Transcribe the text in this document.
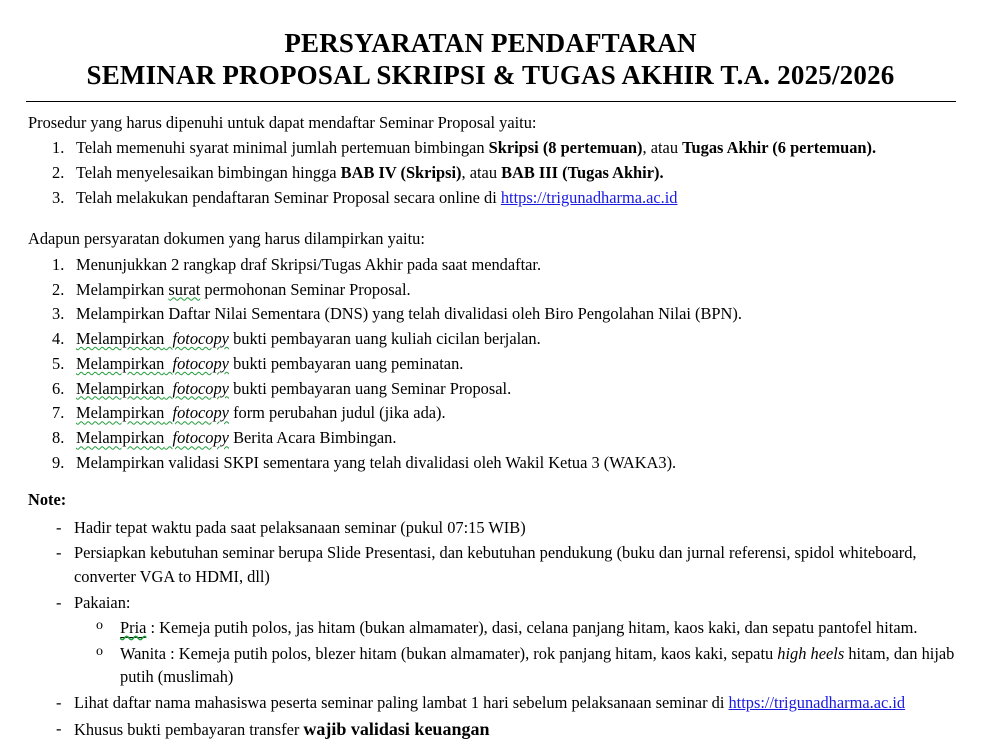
PERSYARATAN PENDAFTARAN
SEMINAR PROPOSAL SKRIPSI & TUGAS AKHIR T.A. 2025/2026
Prosedur yang harus dipenuhi untuk dapat mendaftar Seminar Proposal yaitu:
1. Telah memenuhi syarat minimal jumlah pertemuan bimbingan Skripsi (8 pertemuan), atau Tugas Akhir (6 pertemuan).
2. Telah menyelesaikan bimbingan hingga BAB IV (Skripsi), atau BAB III (Tugas Akhir).
3. Telah melakukan pendaftaran Seminar Proposal secara online di https://trigunadharma.ac.id
Adapun persyaratan dokumen yang harus dilampirkan yaitu:
1. Menunjukkan 2 rangkap draf Skripsi/Tugas Akhir pada saat mendaftar.
2. Melampirkan surat permohonan Seminar Proposal.
3. Melampirkan Daftar Nilai Sementara (DNS) yang telah divalidasi oleh Biro Pengolahan Nilai (BPN).
4. Melampirkan fotocopy bukti pembayaran uang kuliah cicilan berjalan.
5. Melampirkan fotocopy bukti pembayaran uang peminatan.
6. Melampirkan fotocopy bukti pembayaran uang Seminar Proposal.
7. Melampirkan fotocopy form perubahan judul (jika ada).
8. Melampirkan fotocopy Berita Acara Bimbingan.
9. Melampirkan validasi SKPI sementara yang telah divalidasi oleh Wakil Ketua 3 (WAKA3).
Note:
- Hadir tepat waktu pada saat pelaksanaan seminar (pukul 07:15 WIB)
- Persiapkan kebutuhan seminar berupa Slide Presentasi, dan kebutuhan pendukung (buku dan jurnal referensi, spidol whiteboard, converter VGA to HDMI, dll)
- Pakaian:
o Pria : Kemeja putih polos, jas hitam (bukan almamater), dasi, celana panjang hitam, kaos kaki, dan sepatu pantofel hitam.
o Wanita : Kemeja putih polos, blezer hitam (bukan almamater), rok panjang hitam, kaos kaki, sepatu high heels hitam, dan hijab putih (muslimah)
- Lihat daftar nama mahasiswa peserta seminar paling lambat 1 hari sebelum pelaksanaan seminar di https://trigunadharma.ac.id
- Khusus bukti pembayaran transfer wajib validasi keuangan
